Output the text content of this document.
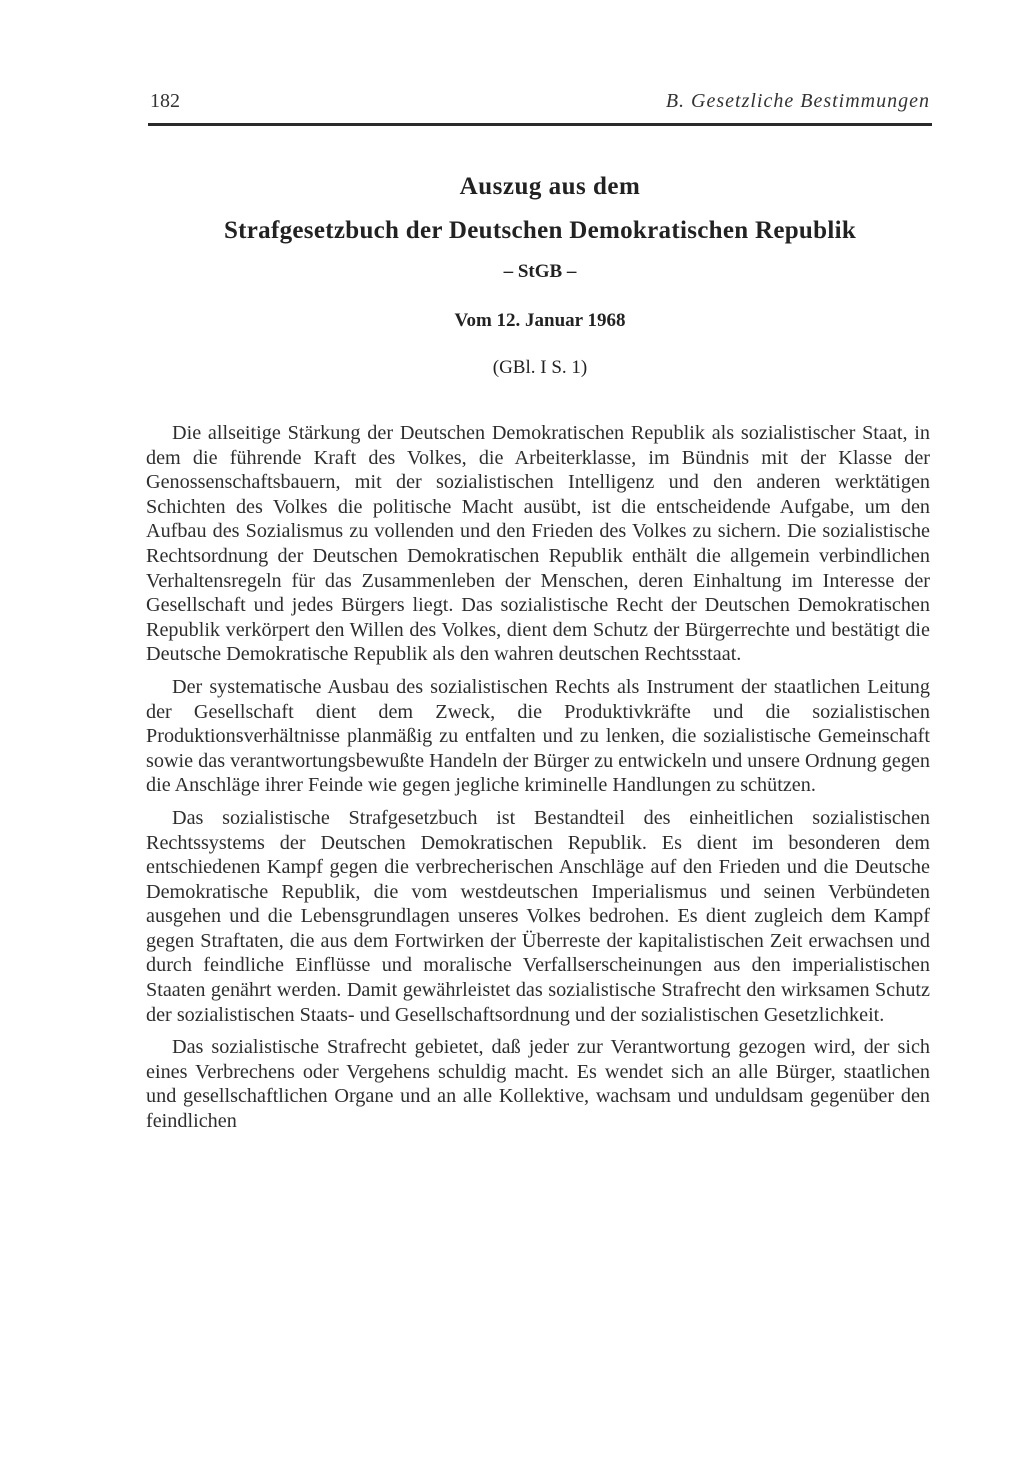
182	B. Gesetzliche Bestimmungen
Auszug aus dem
Strafgesetzbuch der Deutschen Demokratischen Republik
– StGB –
Vom 12. Januar 1968
(GBl. I S. 1)

Die allseitige Stärkung der Deutschen Demokratischen Republik als sozialistischer Staat, in dem die führende Kraft des Volkes, die Arbeiterklasse, im Bündnis mit der Klasse der Genossenschaftsbauern, mit der sozialistischen Intelligenz und den anderen werktätigen Schichten des Volkes die politische Macht ausübt, ist die entscheidende Aufgabe, um den Aufbau des Sozialismus zu vollenden und den Frieden des Volkes zu sichern. Die sozialistische Rechtsordnung der Deutschen Demokratischen Republik enthält die allgemein verbindlichen Verhaltensregeln für das Zusammenleben der Menschen, deren Einhaltung im Interesse der Gesellschaft und jedes Bürgers liegt. Das sozialistische Recht der Deutschen Demokratischen Republik verkörpert den Willen des Volkes, dient dem Schutz der Bürgerrechte und bestätigt die Deutsche Demokratische Republik als den wahren deutschen Rechtsstaat.

Der systematische Ausbau des sozialistischen Rechts als Instrument der staatlichen Leitung der Gesellschaft dient dem Zweck, die Produktivkräfte und die sozialistischen Produktionsverhältnisse planmäßig zu entfalten und zu lenken, die sozialistische Gemeinschaft sowie das verantwortungsbewußte Handeln der Bürger zu entwickeln und unsere Ordnung gegen die Anschläge ihrer Feinde wie gegen jegliche kriminelle Handlungen zu schützen.

Das sozialistische Strafgesetzbuch ist Bestandteil des einheitlichen sozialistischen Rechtssystems der Deutschen Demokratischen Republik. Es dient im besonderen dem entschiedenen Kampf gegen die verbrecherischen Anschläge auf den Frieden und die Deutsche Demokratische Republik, die vom westdeutschen Imperialismus und seinen Verbündeten ausgehen und die Lebensgrundlagen unseres Volkes bedrohen. Es dient zugleich dem Kampf gegen Straftaten, die aus dem Fortwirken der Überreste der kapitalistischen Zeit erwachsen und durch feindliche Einflüsse und moralische Verfallserscheinungen aus den imperialistischen Staaten genährt werden. Damit gewährleistet das sozialistische Strafrecht den wirksamen Schutz der sozialistischen Staats- und Gesellschaftsordnung und der sozialistischen Gesetzlichkeit.

Das sozialistische Strafrecht gebietet, daß jeder zur Verantwortung gezogen wird, der sich eines Verbrechens oder Vergehens schuldig macht. Es wendet sich an alle Bürger, staatlichen und gesellschaftlichen Organe und an alle Kollektive, wachsam und unduldsam gegenüber den feindlichen
